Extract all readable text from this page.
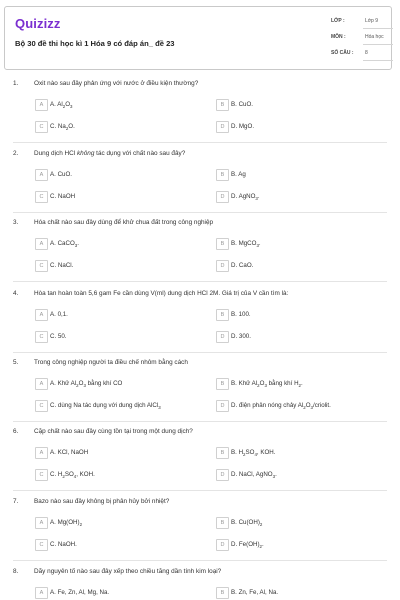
Quizizz
Bộ 30 đề thi học kì 1 Hóa 9 có đáp án_ đề 23
LỚP :	Lớp 9
MÔN :	Hóa học
SỐ CÂU : 8
1. Oxit nào sau đây phản ứng với nước ở điều kiện thường?
A	A. $Al_2O_3$	B	B. CuO.
C	C. $Na_2O$.	D	D. MgO.
2. Dung dịch HCl không tác dụng với chất nào sau đây?
A	A. CuO.	B	B. Ag
C	C. NaOH	D	D. AgNO$_3$.
3. Hóa chất nào sau đây dùng để khử chua đất trong công nghiệp
A	A. CaCO$_3$.	B	B. MgCO$_3$.
C	C. NaCl.	D	D. CaO.
4. Hòa tan hoàn toàn 5,6 gam Fe cần dùng V(ml) dung dịch HCl 2M. Giá trị của V cần tìm là:
A	A. 0,1.	B	B. 100.
C	C. 50.	D	D. 300.
5. Trong công nghiệp người ta điều chế nhôm bằng cách
A	A. Khử $Al_2O_3$ bằng khí CO	B	B. Khử $Al_2O_3$ bằng khí $H_2$.
C	C. dùng Na tác dụng với dung dịch AlCl$_3$	D	D. điện phân nóng chảy $Al_2O_3$/criolit.
6. Cặp chất nào sau đây cùng tồn tại trong một dung dịch?
A	A. KCl, NaOH	B	B. $H_2SO_4$, KOH.
C	C. $H_2SO_4$, KOH.	D	D. NaCl, AgNO$_3$.
7. Bazo nào sau đây không bị phân hủy bởi nhiệt?
A	A. $Mg(OH)_2$	B	B. $Cu(OH)_2$
C	C. NaOH.	D	D. $Fe(OH)_2$.
8. Dãy nguyên tố nào sau đây xếp theo chiều tăng dần tính kim loại?
A	A. Fe, Zn, Al, Mg, Na.	B	B. Zn, Fe, Al, Na.
